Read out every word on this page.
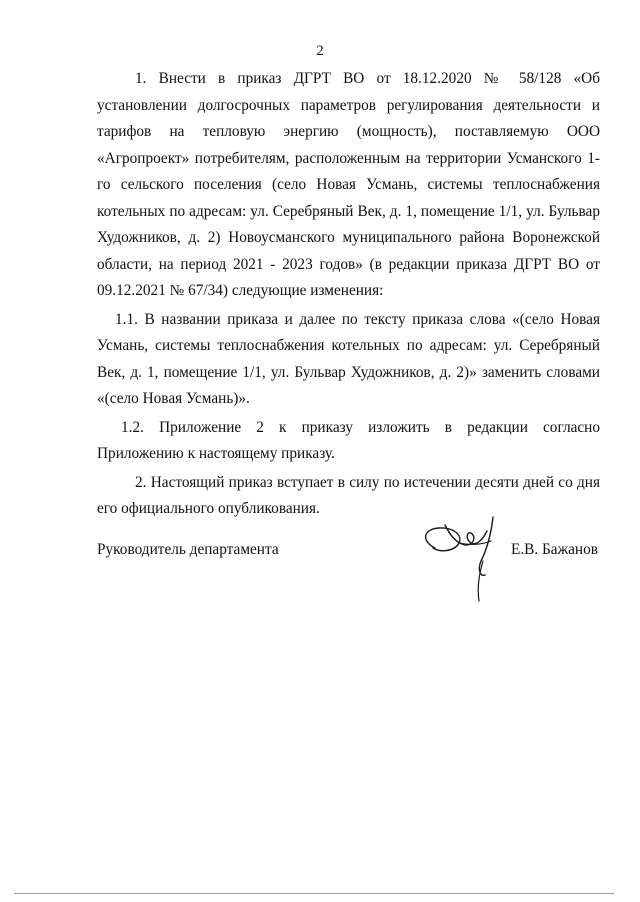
2

1. Внести в приказ ДГРТ ВО от 18.12.2020 № 58/128 «Об установлении долгосрочных параметров регулирования деятельности и тарифов на тепловую энергию (мощность), поставляемую ООО «Агропроект» потребителям, расположенным на территории Усманского 1-го сельского поселения (село Новая Усмань, системы теплоснабжения котельных по адресам: ул. Серебряный Век, д. 1, помещение 1/1, ул. Бульвар Художников, д. 2) Новоусманского муниципального района Воронежской области, на период 2021 - 2023 годов» (в редакции приказа ДГРТ ВО от 09.12.2021 № 67/34) следующие изменения:

1.1. В названии приказа и далее по тексту приказа слова «(село Новая Усмань, системы теплоснабжения котельных по адресам: ул. Серебряный Век, д. 1, помещение 1/1, ул. Бульвар Художников, д. 2)» заменить словами «(село Новая Усмань)».

1.2. Приложение 2 к приказу изложить в редакции согласно Приложению к настоящему приказу.

2. Настоящий приказ вступает в силу по истечении десяти дней со дня его официального опубликования.

Руководитель департамента	Е.В. Бажанов
